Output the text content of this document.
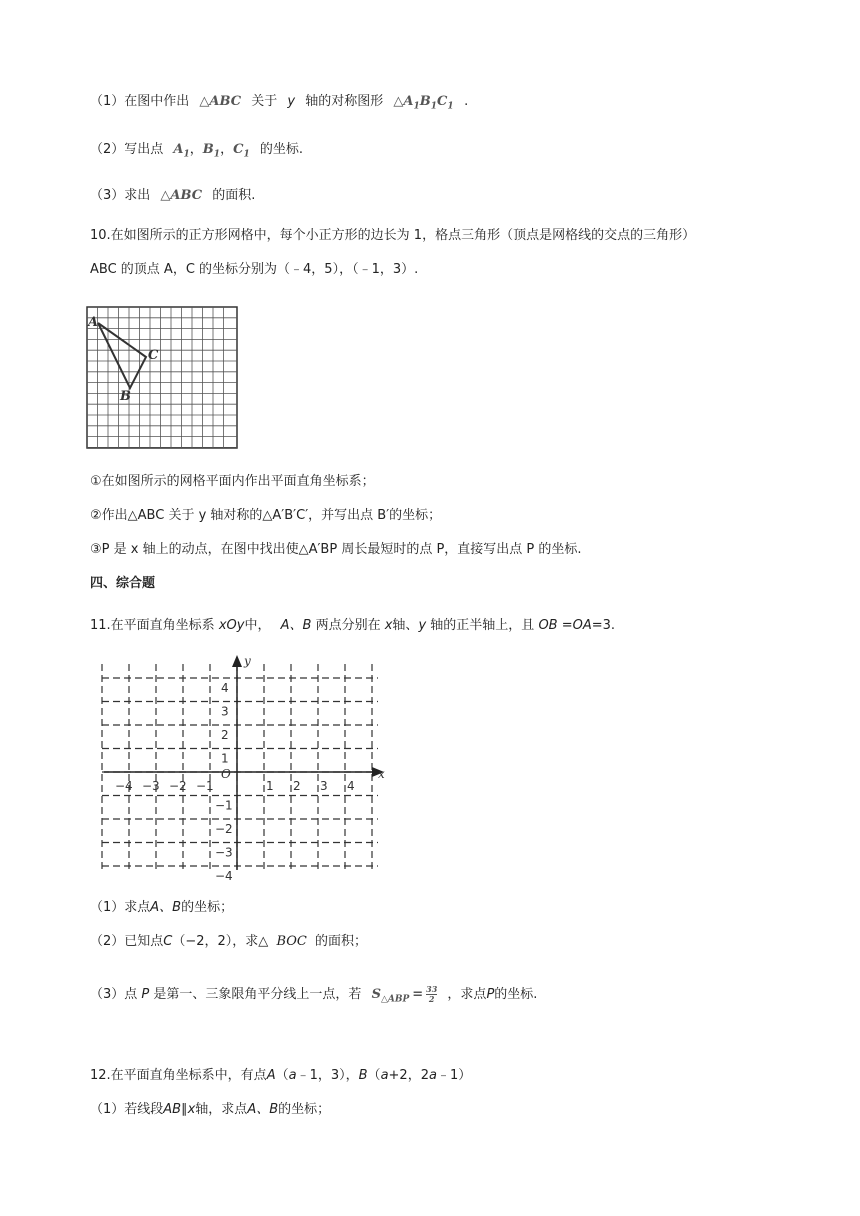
（1）在图中作出 △ABC 关于 y 轴的对称图形 $\triangle A_1B_1C_1$ .
（2）写出点 $A_1$，$B_1$，$C_1$ 的坐标.
（3）求出 △ABC 的面积.
10.在如图所示的正方形网格中，每个小正方形的边长为 1，格点三角形（顶点是网格线的交点的三角形）
ABC 的顶点 A，C 的坐标分别为（﹣4，5），（﹣1，3）.
A
C
B
①在如图所示的网格平面内作出平面直角坐标系；
②作出△ABC 关于 y 轴对称的△A′B′C′，并写出点 B′的坐标；
③P 是 x 轴上的动点，在图中找出使△A′BP 周长最短时的点 P，直接写出点 P 的坐标.
四、综合题
11.在平面直角坐标系 xOy中， A、B 两点分别在 x轴、y 轴的正半轴上，且 OB =OA=3.
x
y
O
−4 −3 −2 −1	1 2 3 4
4
3
2
1
−1
−2
−3
−4
（1）求点A、B的坐标；
（2）已知点C（−2，2），求△ BOC 的面积；
（3）点 P 是第一、三象限角平分线上一点，若 $S_{\triangle ABP} = \frac{33}{2}$ ，求点P的坐标.
12.在平面直角坐标系中，有点A（a﹣1，3），B（a+2，2a﹣1）
（1）若线段AB∥x轴，求点A、B的坐标；
